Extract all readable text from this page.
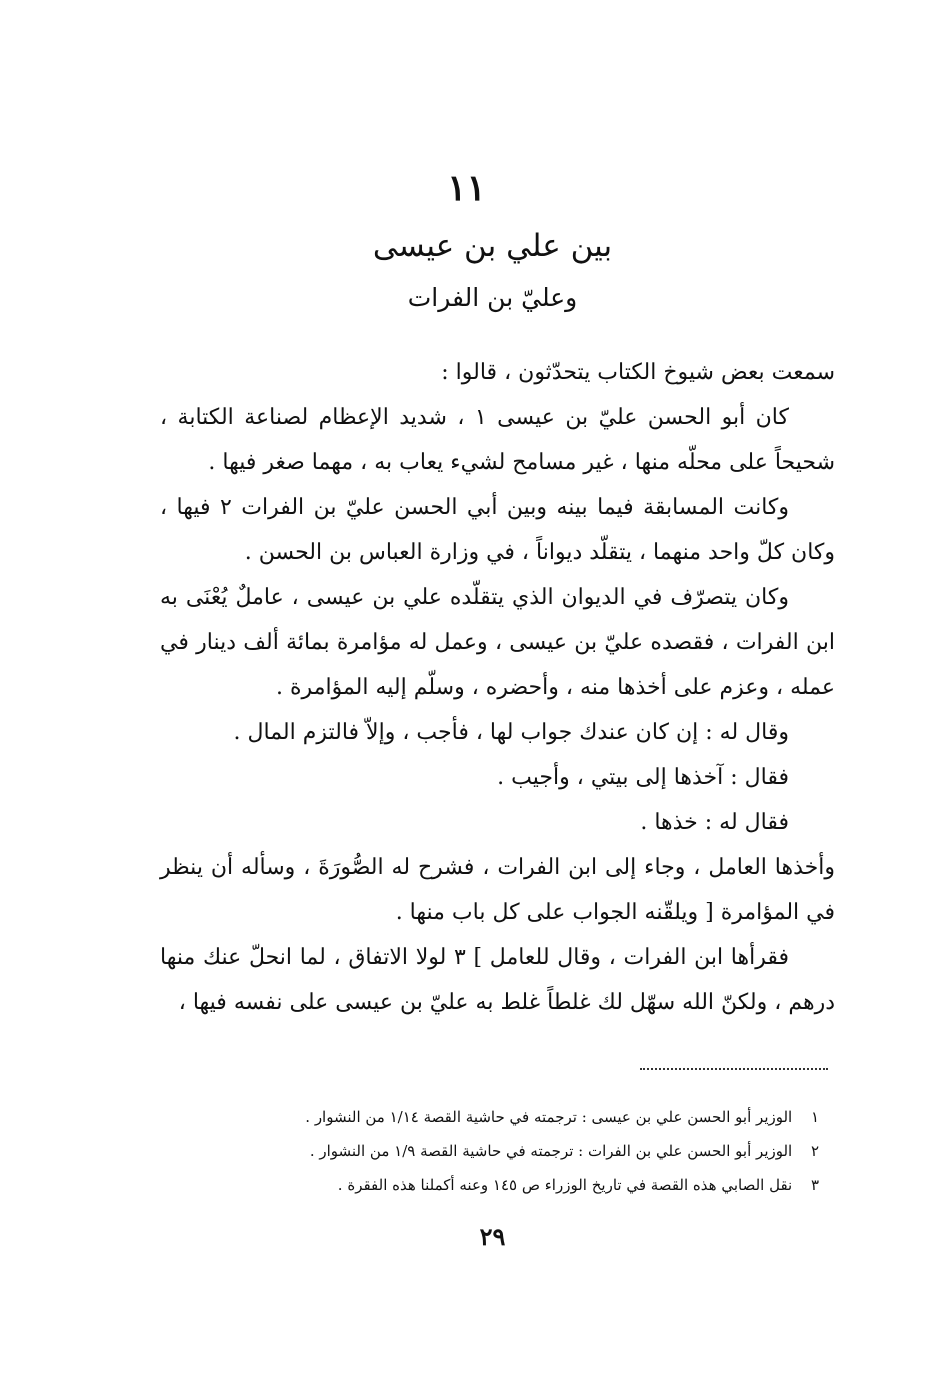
١١
بين علي بن عيسى
وعليّ بن الفرات

سمعت بعض شيوخ الكتاب يتحدّثون ، قالوا :

كان أبو الحسن عليّ بن عيسى ١ ، شديد الإعظام لصناعة الكتابة ، شحيحاً على محلّه منها ، غير مسامح لشيء يعاب به ، مهما صغر فيها .

وكانت المسابقة فيما بينه وبين أبي الحسن عليّ بن الفرات ٢ فيها ، وكان كلّ واحد منهما ، يتقلّد ديواناً ، في وزارة العباس بن الحسن .

وكان يتصرّف في الديوان الذي يتقلّده علي بن عيسى ، عاملٌ يُعْنَى به ابن الفرات ، فقصده عليّ بن عيسى ، وعمل له مؤامرة بمائة ألف دينار في عمله ، وعزم على أخذها منه ، وأحضره ، وسلّم إليه المؤامرة .

وقال له : إن كان عندك جواب لها ، فأجب ، وإلاّ فالتزم المال .

فقال : آخذها إلى بيتي ، وأجيب .

فقال له : خذها .

وأخذها العامل ، وجاء إلى ابن الفرات ، فشرح له الصُّورَةَ ، وسأله أن ينظر في المؤامرة [ ويلقّنه الجواب على كل باب منها .

فقرأها ابن الفرات ، وقال للعامل ] ٣ لولا الاتفاق ، لما انحلّ عنك منها درهم ، ولكنّ الله سهّل لك غلطاً غلط به عليّ بن عيسى على نفسه فيها ،

١ الوزير أبو الحسن علي بن عيسى : ترجمته في حاشية القصة ١/١٤ من النشوار .

٢ الوزير أبو الحسن علي بن الفرات : ترجمته في حاشية القصة ١/٩ من النشوار .

٣ نقل الصابي هذه القصة في تاريخ الوزراء ص ١٤٥ وعنه أكملنا هذه الفقرة .

٢٩
